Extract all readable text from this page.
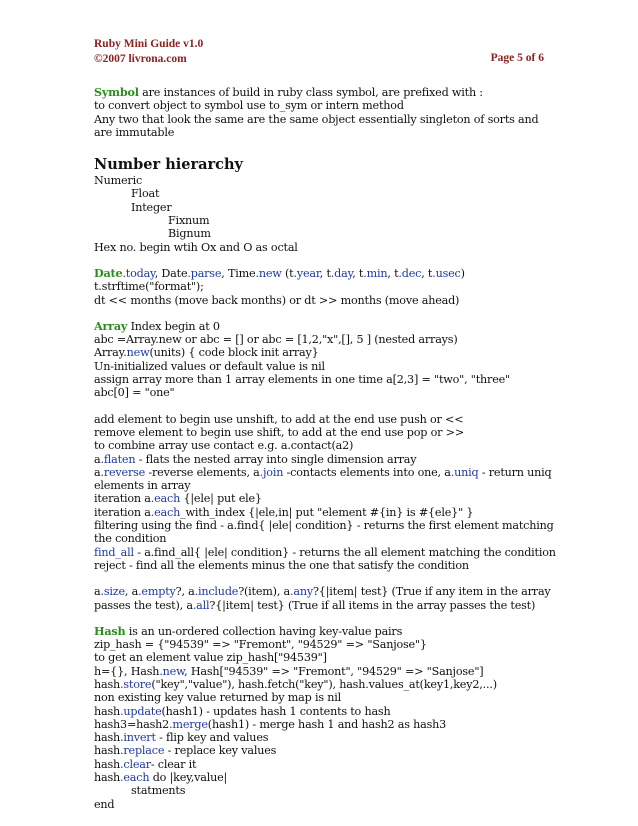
Ruby Mini Guide v1.0
©2007 livrona.com	Page 5 of 6
Symbol are instances of build in ruby class symbol, are prefixed with :
to convert object to symbol use to_sym or intern method
Any two that look the same are the same object essentially singleton of sorts and are immutable
Number hierarchy
Numeric
Float
Integer
Fixnum
Bignum
Hex no. begin wtih Ox and O as octal
Date.today, Date.parse, Time.new (t.year, t.day, t.min, t.dec, t.usec)
t.strftime("format");
dt << months (move back months) or dt >> months (move ahead)
Array Index begin at 0
abc =Array.new or abc = [] or abc = [1,2,"x",[], 5 ] (nested arrays)
Array.new(units) { code block init array}
Un-initialized values or default value is nil
assign array more than 1 array elements in one time a[2,3] = "two", "three"
abc[0] = "one"
add element to begin use unshift, to add at the end use push or <<
remove element to begin use shift, to add at the end use pop or >>
to combine array use contact e.g. a.contact(a2)
a.flaten - flats the nested array into single dimension array
a.reverse -reverse elements, a.join -contacts elements into one, a.uniq - return uniq elements in array
iteration a.each {|ele| put ele}
iteration a.each_with_index {|ele,in| put "element #{in} is #{ele}" }
filtering using the find - a.find{ |ele| condition} - returns the first element matching the condition
find_all - a.find_all{ |ele| condition} - returns the all element matching the condition
reject - find all the elements minus the one that satisfy the condition
a.size, a.empty?, a.include?(item), a.any?{|item| test} (True if any item in the array passes the test), a.all?{|item| test} (True if all items in the array passes the test)
Hash is an un-ordered collection having key-value pairs
zip_hash = {"94539" => "Fremont", "94529" => "Sanjose"}
to get an element value zip_hash["94539"]
h={}, Hash.new, Hash["94539" => "Fremont", "94529" => "Sanjose"]
hash.store("key","value"), hash.fetch("key"), hash.values_at(key1,key2,...)
non existing key value returned by map is nil
hash.update(hash1) - updates hash 1 contents to hash
hash3=hash2.merge(hash1) - merge hash 1 and hash2 as hash3
hash.invert - flip key and values
hash.replace - replace key values
hash.clear- clear it
hash.each do |key,value|
statments
end
